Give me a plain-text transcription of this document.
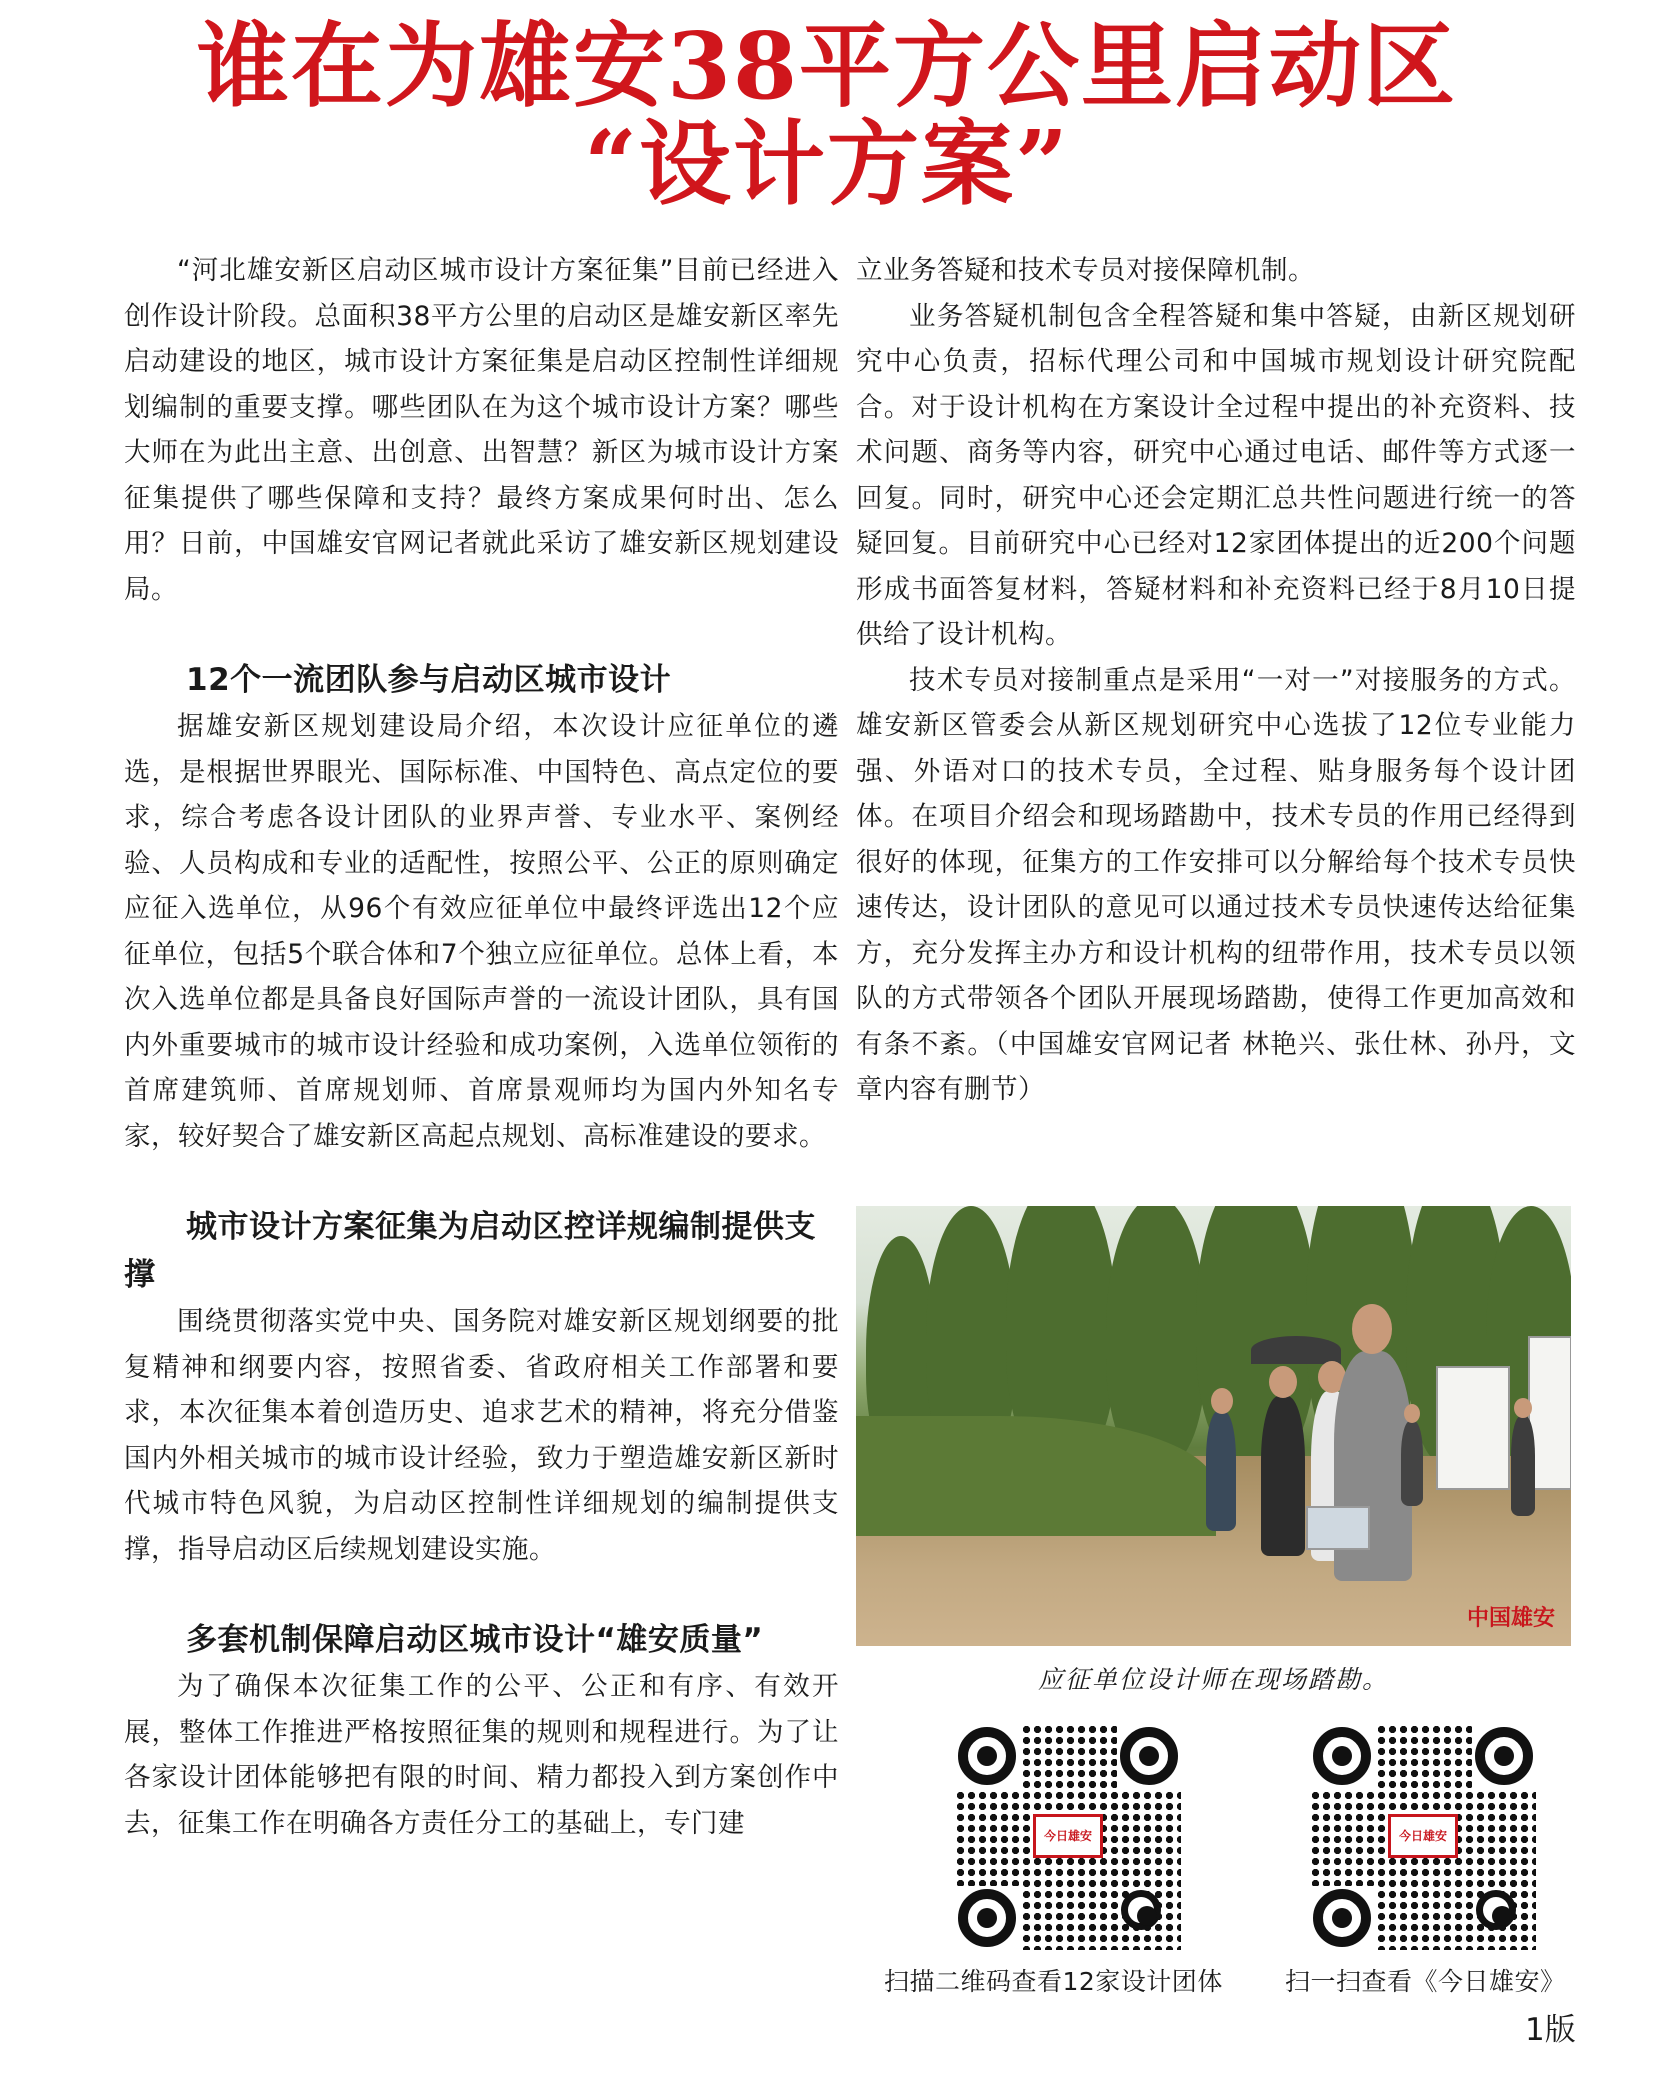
谁在为雄安38平方公里启动区
“设计方案”

“河北雄安新区启动区城市设计方案征集”目前已经进入创作设计阶段。总面积38平方公里的启动区是雄安新区率先启动建设的地区，城市设计方案征集是启动区控制性详细规划编制的重要支撑。哪些团队在为这个城市设计方案？哪些大师在为此出主意、出创意、出智慧？新区为城市设计方案征集提供了哪些保障和支持？最终方案成果何时出、怎么用？日前，中国雄安官网记者就此采访了雄安新区规划建设局。

12个一流团队参与启动区城市设计

据雄安新区规划建设局介绍，本次设计应征单位的遴选，是根据世界眼光、国际标准、中国特色、高点定位的要求，综合考虑各设计团队的业界声誉、专业水平、案例经验、人员构成和专业的适配性，按照公平、公正的原则确定应征入选单位，从96个有效应征单位中最终评选出12个应征单位，包括5个联合体和7个独立应征单位。总体上看，本次入选单位都是具备良好国际声誉的一流设计团队，具有国内外重要城市的城市设计经验和成功案例，入选单位领衔的首席建筑师、首席规划师、首席景观师均为国内外知名专家，较好契合了雄安新区高起点规划、高标准建设的要求。

城市设计方案征集为启动区控详规编制提供支撑

围绕贯彻落实党中央、国务院对雄安新区规划纲要的批复精神和纲要内容，按照省委、省政府相关工作部署和要求，本次征集本着创造历史、追求艺术的精神，将充分借鉴国内外相关城市的城市设计经验，致力于塑造雄安新区新时代城市特色风貌，为启动区控制性详细规划的编制提供支撑，指导启动区后续规划建设实施。

多套机制保障启动区城市设计“雄安质量”

为了确保本次征集工作的公平、公正和有序、有效开展，整体工作推进严格按照征集的规则和规程进行。为了让各家设计团体能够把有限的时间、精力都投入到方案创作中去，征集工作在明确各方责任分工的基础上，专门建

立业务答疑和技术专员对接保障机制。

业务答疑机制包含全程答疑和集中答疑，由新区规划研究中心负责，招标代理公司和中国城市规划设计研究院配合。对于设计机构在方案设计全过程中提出的补充资料、技术问题、商务等内容，研究中心通过电话、邮件等方式逐一回复。同时，研究中心还会定期汇总共性问题进行统一的答疑回复。目前研究中心已经对12家团体提出的近200个问题形成书面答复材料，答疑材料和补充资料已经于8月10日提供给了设计机构。

技术专员对接制重点是采用“一对一”对接服务的方式。雄安新区管委会从新区规划研究中心选拔了12位专业能力强、外语对口的技术专员，全过程、贴身服务每个设计团体。在项目介绍会和现场踏勘中，技术专员的作用已经得到很好的体现，征集方的工作安排可以分解给每个技术专员快速传达，设计团队的意见可以通过技术专员快速传达给征集方，充分发挥主办方和设计机构的纽带作用，技术专员以领队的方式带领各个团队开展现场踏勘，使得工作更加高效和有条不紊。（中国雄安官网记者 林艳兴、张仕林、孙丹，文章内容有删节）

中国雄安
应征单位设计师在现场踏勘。
今日雄安
扫描二维码查看12家设计团体
今日雄安
扫一扫查看《今日雄安》
1版
